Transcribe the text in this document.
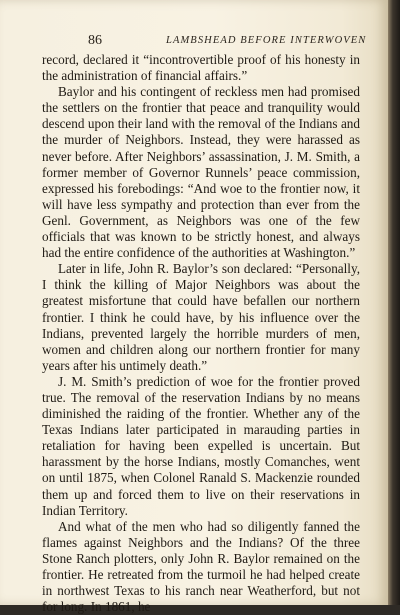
86	LAMBSHEAD BEFORE INTERWOVEN

record, declared it “incontrovertible proof of his honesty in the administration of financial affairs.”

Baylor and his contingent of reckless men had promised the settlers on the frontier that peace and tranquility would descend upon their land with the removal of the Indians and the murder of Neighbors. Instead, they were harassed as never before. After Neighbors’ assassination, J. M. Smith, a former member of Governor Runnels’ peace commission, expressed his forebodings: “And woe to the frontier now, it will have less sympathy and protection than ever from the Genl. Government, as Neighbors was one of the few officials that was known to be strictly honest, and always had the entire confidence of the authorities at Washington.”

Later in life, John R. Baylor’s son declared: “Personally, I think the killing of Major Neighbors was about the greatest misfortune that could have befallen our northern frontier. I think he could have, by his influence over the Indians, prevented largely the horrible murders of men, women and children along our northern frontier for many years after his untimely death.”

J. M. Smith’s prediction of woe for the frontier proved true. The removal of the reservation Indians by no means diminished the raiding of the frontier. Whether any of the Texas Indians later participated in marauding parties in retaliation for having been expelled is uncertain. But harassment by the horse Indians, mostly Comanches, went on until 1875, when Colonel Ranald S. Mackenzie rounded them up and forced them to live on their reservations in Indian Territory.

And what of the men who had so diligently fanned the flames against Neighbors and the Indians? Of the three Stone Ranch plotters, only John R. Baylor remained on the frontier. He retreated from the turmoil he had helped create in northwest Texas to his ranch near Weatherford, but not for long. In 1861, he
